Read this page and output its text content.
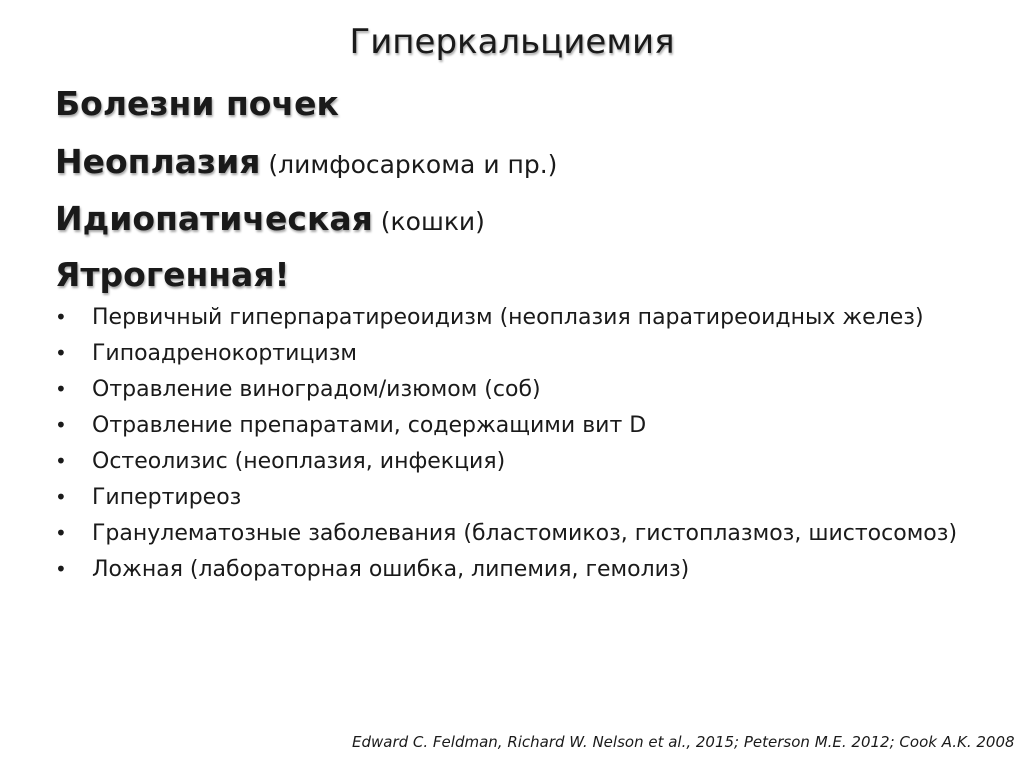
Гиперкальциемия
Болезни почек
Неоплазия (лимфосаркома и пр.)
Идиопатическая (кошки)
Ятрогенная!
•	Первичный гиперпаратиреоидизм (неоплазия паратиреоидных желез)
•	Гипоадренокортицизм
•	Отравление виноградом/изюмом (соб)
•	Отравление препаратами, содержащими вит D
•	Остеолизис (неоплазия, инфекция)
•	Гипертиреоз
•	Гранулематозные заболевания (бластомикоз, гистоплазмоз, шистосомоз)
•	Ложная (лабораторная ошибка, липемия, гемолиз)
Edward C. Feldman, Richard W. Nelson et al., 2015; Peterson M.E. 2012; Cook A.K. 2008
